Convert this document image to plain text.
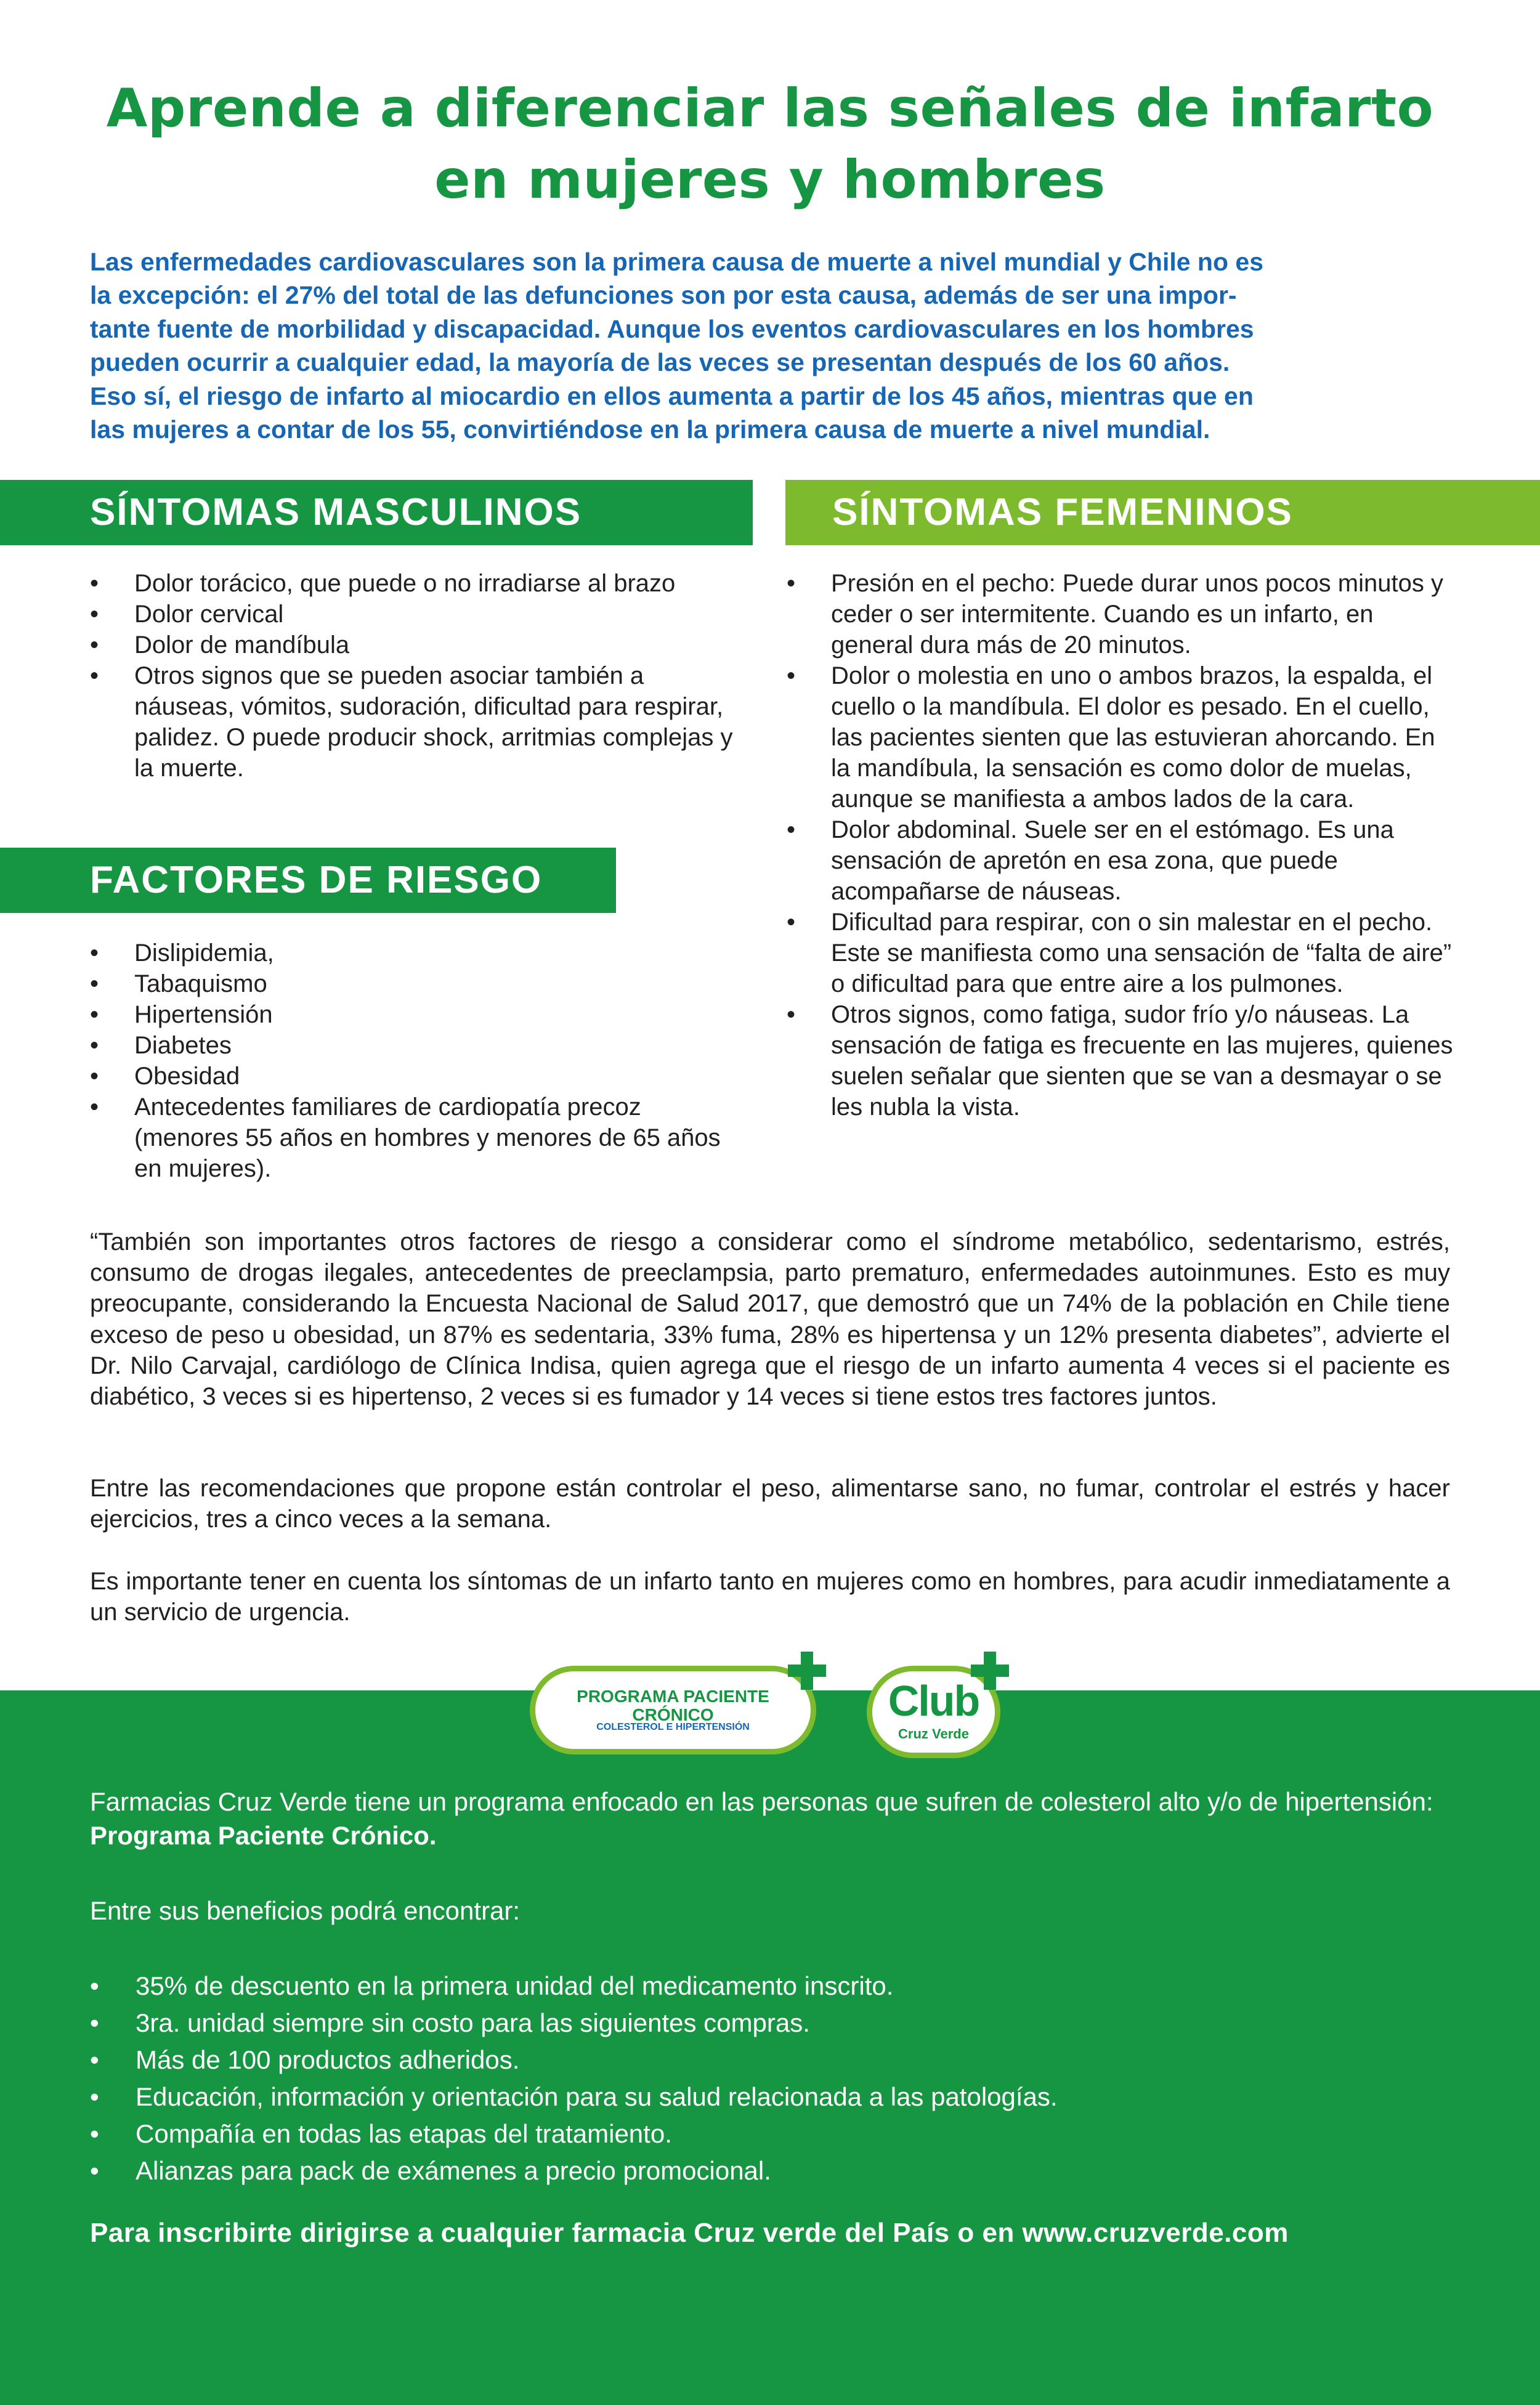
Aprende a diferenciar las señales de infarto
en mujeres y hombres
Las enfermedades cardiovasculares son la primera causa de muerte a nivel mundial y Chile no es
la excepción: el 27% del total de las defunciones son por esta causa, además de ser una impor-
tante fuente de morbilidad y discapacidad. Aunque los eventos cardiovasculares en los hombres
pueden ocurrir a cualquier edad, la mayoría de las veces se presentan después de los 60 años.
Eso sí, el riesgo de infarto al miocardio en ellos aumenta a partir de los 45 años, mientras que en
las mujeres a contar de los 55, convirtiéndose en la primera causa de muerte a nivel mundial.
SÍNTOMAS MASCULINOS	SÍNTOMAS FEMENINOS
• Dolor torácico, que puede o no irradiarse al brazo
• Dolor cervical
• Dolor de mandíbula
• Otros signos que se pueden asociar también a náuseas, vómitos, sudoración, dificultad para respirar, palidez. O puede producir shock, arritmias complejas y la muerte.
• Presión en el pecho: Puede durar unos pocos minutos y ceder o ser intermitente. Cuando es un infarto, en general dura más de 20 minutos.
• Dolor o molestia en uno o ambos brazos, la espalda, el cuello o la mandíbula. El dolor es pesado. En el cuello, las pacientes sienten que las estuvieran ahorcando. En la mandíbula, la sensación es como dolor de muelas, aunque se manifiesta a ambos lados de la cara.
• Dolor abdominal. Suele ser en el estómago. Es una sensación de apretón en esa zona, que puede acompañarse de náuseas.
• Dificultad para respirar, con o sin malestar en el pecho. Este se manifiesta como una sensación de “falta de aire” o dificultad para que entre aire a los pulmones.
• Otros signos, como fatiga, sudor frío y/o náuseas. La sensación de fatiga es frecuente en las mujeres, quienes suelen señalar que sienten que se van a desmayar o se les nubla la vista.
FACTORES DE RIESGO
• Dislipidemia,
• Tabaquismo
• Hipertensión
• Diabetes
• Obesidad
• Antecedentes familiares de cardiopatía precoz (menores 55 años en hombres y menores de 65 años en mujeres).

“También son importantes otros factores de riesgo a considerar como el síndrome metabólico, sedentarismo, estrés, consumo de drogas ilegales, antecedentes de preeclampsia, parto prematuro, enfermedades autoinmunes. Esto es muy preocupante, considerando la Encuesta Nacional de Salud 2017, que demostró que un 74% de la población en Chile tiene exceso de peso u obesidad, un 87% es sedentaria, 33% fuma, 28% es hipertensa y un 12% presenta diabetes”, advierte el Dr. Nilo Carvajal, cardiólogo de Clínica Indisa, quien agrega que el riesgo de un infarto aumenta 4 veces si el paciente es diabético, 3 veces si es hipertenso, 2 veces si es fumador y 14 veces si tiene estos tres factores juntos.

Entre las recomendaciones que propone están controlar el peso, alimentarse sano, no fumar, controlar el estrés y hacer ejercicios, tres a cinco veces a la semana.

Es importante tener en cuenta los síntomas de un infarto tanto en mujeres como en hombres, para acudir inmediatamente a un servicio de urgencia.

PROGRAMA PACIENTE
CRÓNICO
COLESTEROL E HIPERTENSIÓN
Club
Cruz Verde

Farmacias Cruz Verde tiene un programa enfocado en las personas que sufren de colesterol alto y/o de hipertensión: Programa Paciente Crónico.

Entre sus beneficios podrá encontrar:

• 35% de descuento en la primera unidad del medicamento inscrito.
• 3ra. unidad siempre sin costo para las siguientes compras.
• Más de 100 productos adheridos.
• Educación, información y orientación para su salud relacionada a las patologías.
• Compañía en todas las etapas del tratamiento.
• Alianzas para pack de exámenes a precio promocional.
Para inscribirte dirigirse a cualquier farmacia Cruz verde del País o en www.cruzverde.com
